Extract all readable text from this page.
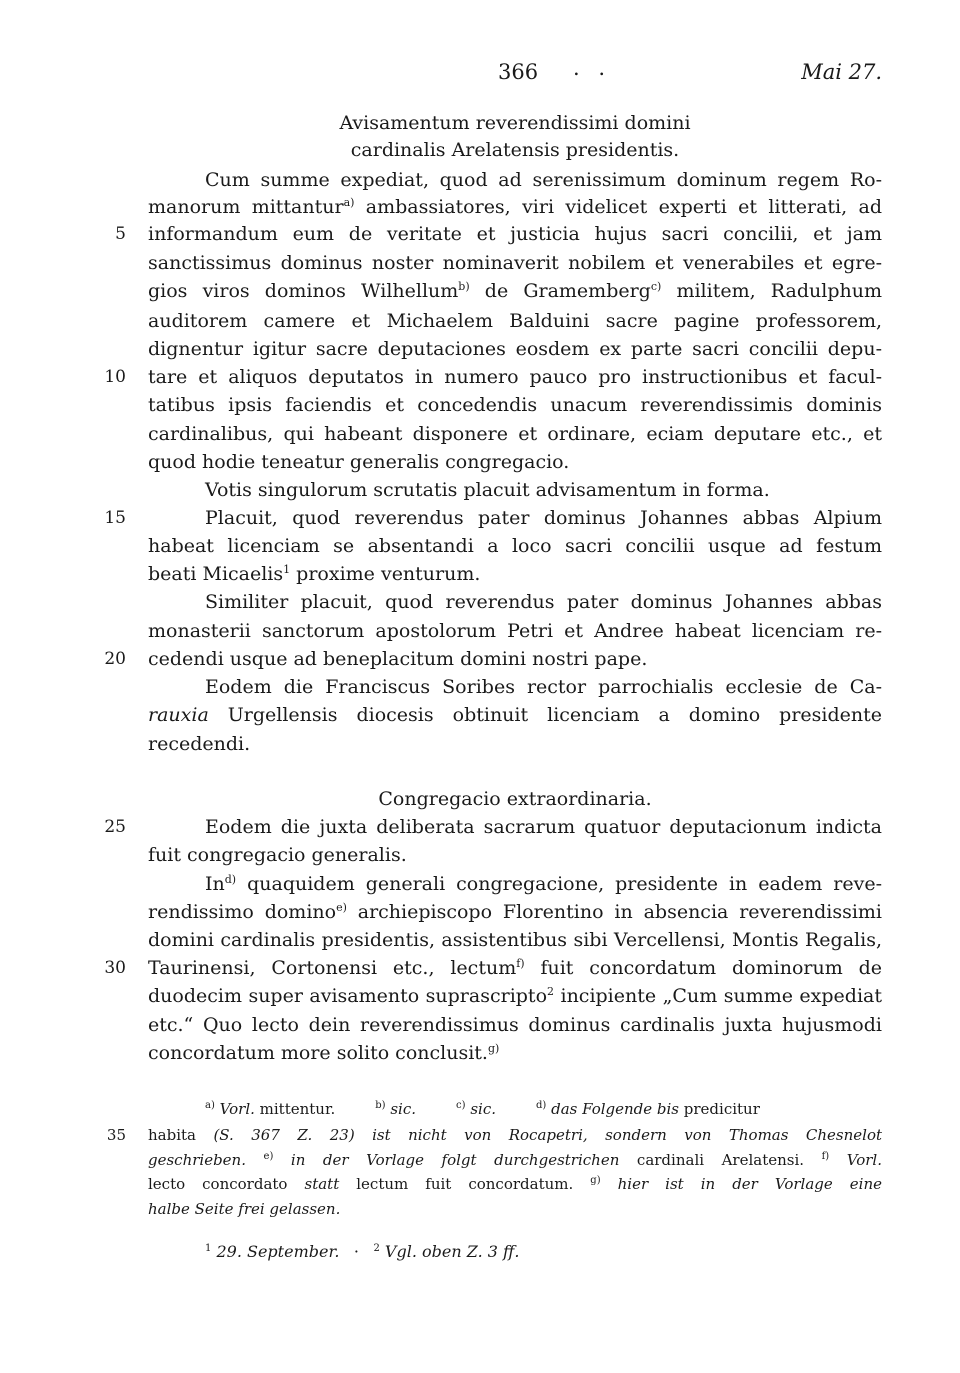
366 . .	Mai 27.
Avisamentum reverendissimi domini
cardinalis Arelatensis presidentis.
Cum summe expediat, quod ad serenissimum dominum regem Ro-
manorum mittantur$^{a)}$ ambassiatores, viri videlicet experti et litterati, ad
informandum eum de veritate et justicia hujus sacri concilii, et jam
sanctissimus dominus noster nominaverit nobilem et venerabiles et egre-
gios viros dominos Wilhellum$^{b)}$ de Gramemberg$^{c)}$ militem, Radulphum
auditorem camere et Michaelem Balduini sacre pagine professorem,
dignentur igitur sacre deputaciones eosdem ex parte sacri concilii depu-
tare et aliquos deputatos in numero pauco pro instructionibus et facul-
tatibus ipsis faciendis et concedendis unacum reverendissimis dominis
cardinalibus, qui habeant disponere et ordinare, eciam deputare etc., et
quod hodie teneatur generalis congregacio.
Votis singulorum scrutatis placuit advisamentum in forma.
Placuit, quod reverendus pater dominus Johannes abbas Alpium
habeat licenciam se absentandi a loco sacri concilii usque ad festum
beati Micaelis$^1$ proxime venturum.
Similiter placuit, quod reverendus pater dominus Johannes abbas
monasterii sanctorum apostolorum Petri et Andree habeat licenciam re-
cedendi usque ad beneplacitum domini nostri pape.
Eodem die Franciscus Soribes rector parrochialis ecclesie de Ca-
rauxia Urgellensis diocesis obtinuit licenciam a domino presidente
recedendi.
Congregacio extraordinaria.
Eodem die juxta deliberata sacrarum quatuor deputacionum indicta
fuit congregacio generalis.
In$^{d)}$ quaquidem generali congregacione, presidente in eadem reve-
rendissimo domino$^{e)}$ archiepiscopo Florentino in absencia reverendissimi
domini cardinalis presidentis, assistentibus sibi Vercellensi, Montis Regalis,
Taurinensi, Cortonensi etc., lectum$^{f)}$ fuit concordatum dominorum de
duodecim super avisamento suprascripto$^2$ incipiente „Cum summe expediat
etc.“ Quo lecto dein reverendissimus dominus cardinalis juxta hujusmodi
concordatum more solito conclusit.$^{g)}$
5
10
15
20
25
30
35
$^{a)}$ Vorl. mittentur.	$^{b)}$ sic.	$^{c)}$ sic.	$^{d)}$ das Folgende bis predicitur
habita (S. 367 Z. 23) ist nicht von Rocapetri, sondern von Thomas Chesnelot
geschrieben. $^{e)}$ in der Vorlage folgt durchgestrichen cardinali Arelatensi. $^{f)}$ Vorl.
lecto concordato statt lectum fuit concordatum. $^{g)}$ hier ist in der Vorlage eine
halbe Seite frei gelassen.
$^1$ 29. September. · $^2$ Vgl. oben Z. 3 ff.
